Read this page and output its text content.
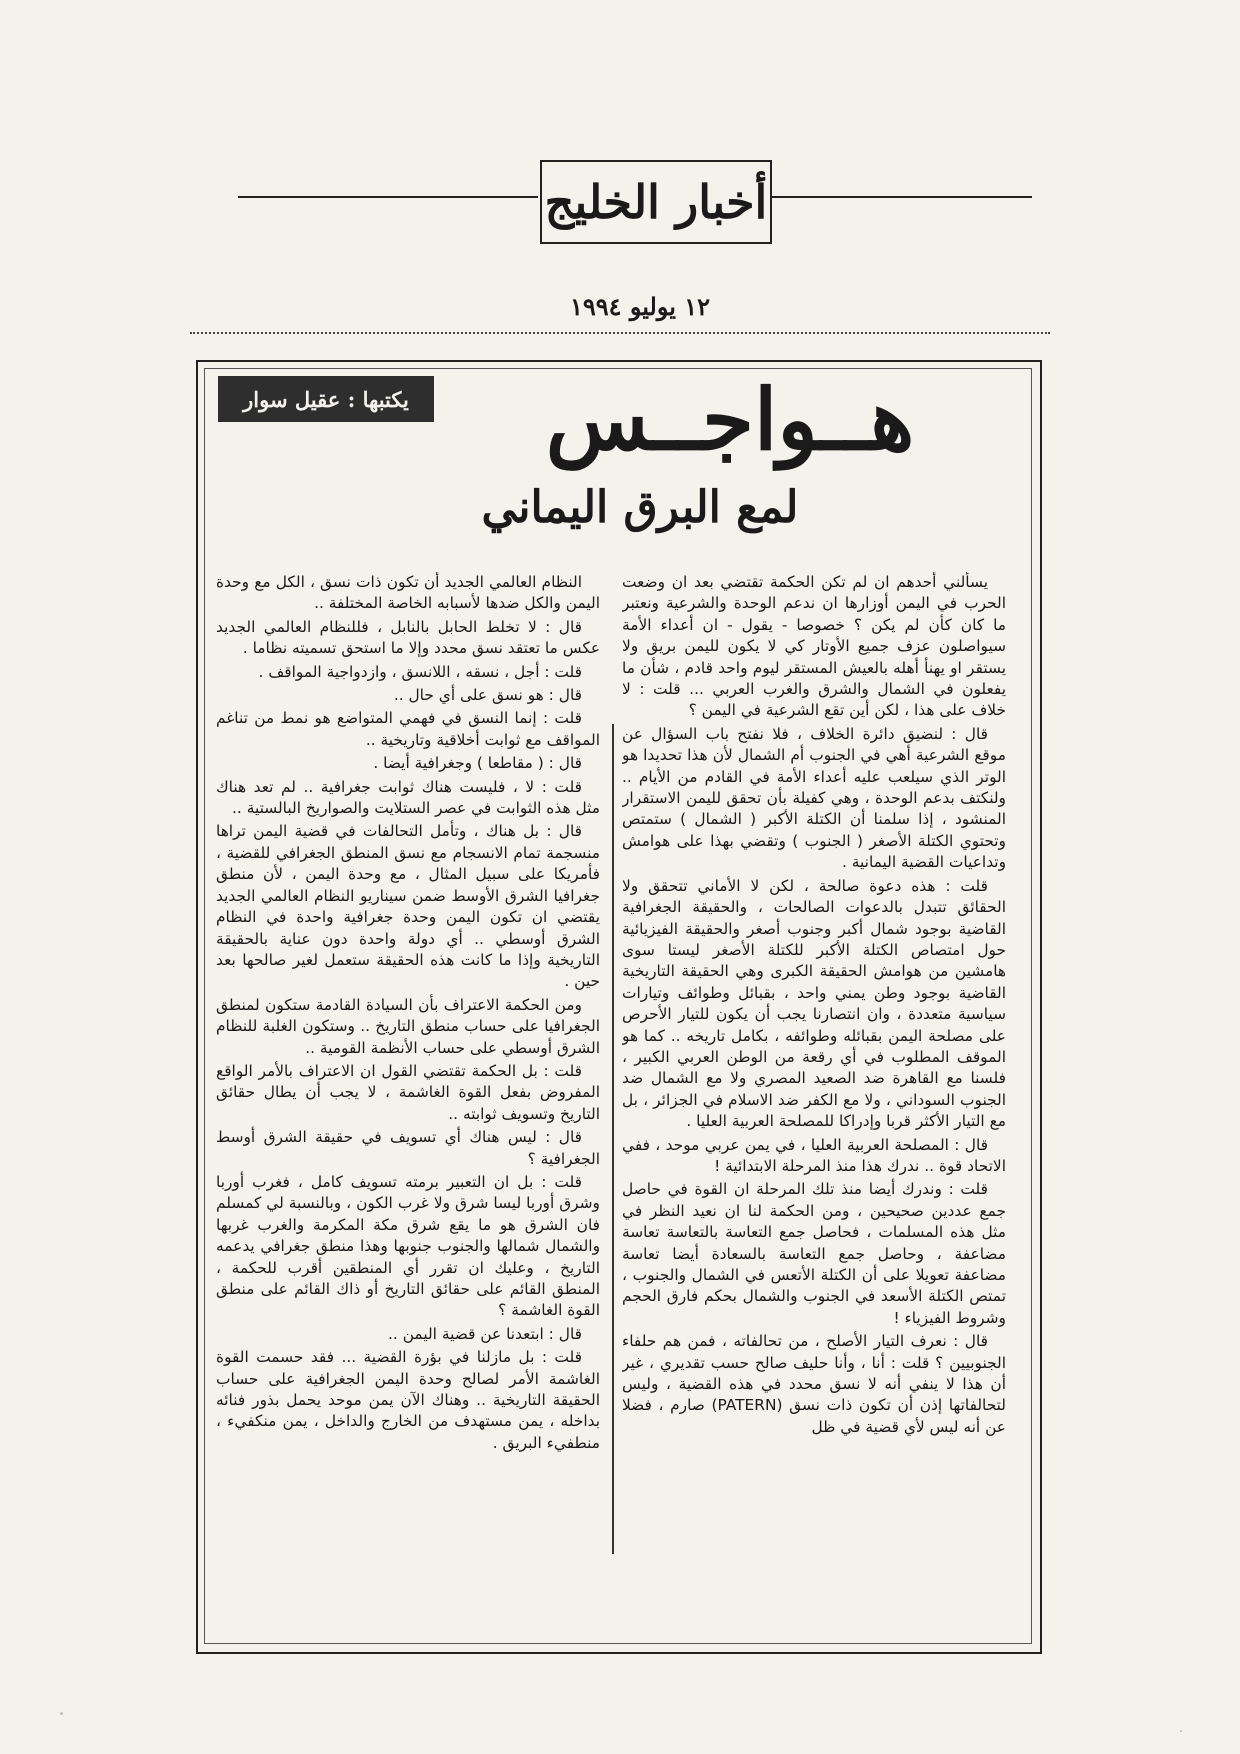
أخبار الخليج
١٢ يوليو ١٩٩٤
يكتبها : عقيل سوار	هــواجــس
لمع البرق اليماني

يسألني أحدهم ان لم تكن الحكمة تقتضي بعد ان وضعت الحرب في اليمن أوزارها ان ندعم الوحدة والشرعية ونعتبر ما كان كأن لم يكن ؟ خصوصا - يقول - ان أعداء الأمة سيواصلون عزف جميع الأوتار كي لا يكون لليمن بريق ولا يستقر او يهنأ أهله بالعيش المستقر ليوم واحد قادم ، شأن ما يفعلون في الشمال والشرق والغرب العربي ... قلت : لا خلاف على هذا ، لكن أين تقع الشرعية في اليمن ؟

قال : لنضيق دائرة الخلاف ، فلا نفتح باب السؤال عن موقع الشرعية أهي في الجنوب أم الشمال لأن هذا تحديدا هو الوتر الذي سيلعب عليه أعداء الأمة في القادم من الأيام .. ولنكتف بدعم الوحدة ، وهي كفيلة بأن تحقق لليمن الاستقرار المنشود ، إذا سلمنا أن الكتلة الأكبر ( الشمال ) ستمتص وتحتوي الكتلة الأصغر ( الجنوب ) وتقضي بهذا على هوامش وتداعيات القضية اليمانية .

قلت : هذه دعوة صالحة ، لكن لا الأماني تتحقق ولا الحقائق تتبدل بالدعوات الصالحات ، والحقيقة الجغرافية القاضية بوجود شمال أكبر وجنوب أصغر والحقيقة الفيزيائية حول امتصاص الكتلة الأكبر للكتلة الأصغر ليستا سوى هامشين من هوامش الحقيقة الكبرى وهي الحقيقة التاريخية القاضية بوجود وطن يمني واحد ، بقبائل وطوائف وتيارات سياسية متعددة ، وان انتصارنا يجب أن يكون للتيار الأحرص على مصلحة اليمن بقبائله وطوائفه ، بكامل تاريخه .. كما هو الموقف المطلوب في أي رقعة من الوطن العربي الكبير ، فلسنا مع القاهرة ضد الصعيد المصري ولا مع الشمال ضد الجنوب السوداني ، ولا مع الكفر ضد الاسلام في الجزائر ، بل مع التيار الأكثر قربا وإدراكا للمصلحة العربية العليا .

قال : المصلحة العربية العليا ، في يمن عربي موحد ، ففي الاتحاد قوة .. ندرك هذا منذ المرحلة الابتدائية !

قلت : وندرك أيضا منذ تلك المرحلة ان القوة في حاصل جمع عددين صحيحين ، ومن الحكمة لنا ان نعيد النظر في مثل هذه المسلمات ، فحاصل جمع التعاسة بالتعاسة تعاسة مضاعفة ، وحاصل جمع التعاسة بالسعادة أيضا تعاسة مضاعفة تعويلا على أن الكتلة الأتعس في الشمال والجنوب ، تمتص الكتلة الأسعد في الجنوب والشمال بحكم فارق الحجم وشروط الفيزياء !

قال : نعرف التيار الأصلح ، من تحالفاته ، فمن هم حلفاء الجنوبيين ؟ قلت : أنا ، وأنا حليف صالح حسب تقديري ، غير أن هذا لا ينفي أنه لا نسق محدد في هذه القضية ، وليس لتحالفاتها إذن أن تكون ذات نسق (PATERN) صارم ، فضلا عن أنه ليس لأي قضية في ظل

النظام العالمي الجديد أن تكون ذات نسق ، الكل مع وحدة اليمن والكل ضدها لأسبابه الخاصة المختلفة ..

قال : لا تخلط الحابل بالنابل ، فللنظام العالمي الجديد عكس ما تعتقد نسق محدد وإلا ما استحق تسميته نظاما .

قلت : أجل ، نسقه ، اللانسق ، وازدواجية المواقف .

قال : هو نسق على أي حال ..

قلت : إنما النسق في فهمي المتواضع هو نمط من تناغم المواقف مع ثوابت أخلاقية وتاريخية ..

قال : ( مقاطعا ) وجغرافية أيضا .

قلت : لا ، فليست هناك ثوابت جغرافية .. لم تعد هناك مثل هذه الثوابت في عصر الستلايت والصواريخ البالستية ..

قال : بل هناك ، وتأمل التحالفات في قضية اليمن تراها منسجمة تمام الانسجام مع نسق المنطق الجغرافي للقضية ، فأمريكا على سبيل المثال ، مع وحدة اليمن ، لأن منطق جغرافيا الشرق الأوسط ضمن سيناريو النظام العالمي الجديد يقتضي ان تكون اليمن وحدة جغرافية واحدة في النظام الشرق أوسطي .. أي دولة واحدة دون عناية بالحقيقة التاريخية وإذا ما كانت هذه الحقيقة ستعمل لغير صالحها بعد حين .

ومن الحكمة الاعتراف بأن السيادة القادمة ستكون لمنطق الجغرافيا على حساب منطق التاريخ .. وستكون الغلبة للنظام الشرق أوسطي على حساب الأنظمة القومية ..

قلت : بل الحكمة تقتضي القول ان الاعتراف بالأمر الواقع المفروض بفعل القوة الغاشمة ، لا يجب أن يطال حقائق التاريخ وتسويف ثوابته ..

قال : ليس هناك أي تسويف في حقيقة الشرق أوسط الجغرافية ؟

قلت : بل ان التعبير برمته تسويف كامل ، فغرب أوربا وشرق أوربا ليسا شرق ولا غرب الكون ، وبالنسبة لي كمسلم فان الشرق هو ما يقع شرق مكة المكرمة والغرب غربها والشمال شمالها والجنوب جنوبها وهذا منطق جغرافي يدعمه التاريخ ، وعليك ان تقرر أي المنطقين أقرب للحكمة ، المنطق القائم على حقائق التاريخ أو ذاك القائم على منطق القوة الغاشمة ؟

قال : ابتعدنا عن قضية اليمن ..

قلت : بل مازلنا في بؤرة القضية ... فقد حسمت القوة الغاشمة الأمر لصالح وحدة اليمن الجغرافية على حساب الحقيقة التاريخية .. وهناك الآن يمن موحد يحمل بذور فنائه بداخله ، يمن مستهدف من الخارج والداخل ، يمن منكفيء ، منطفيء البريق .
